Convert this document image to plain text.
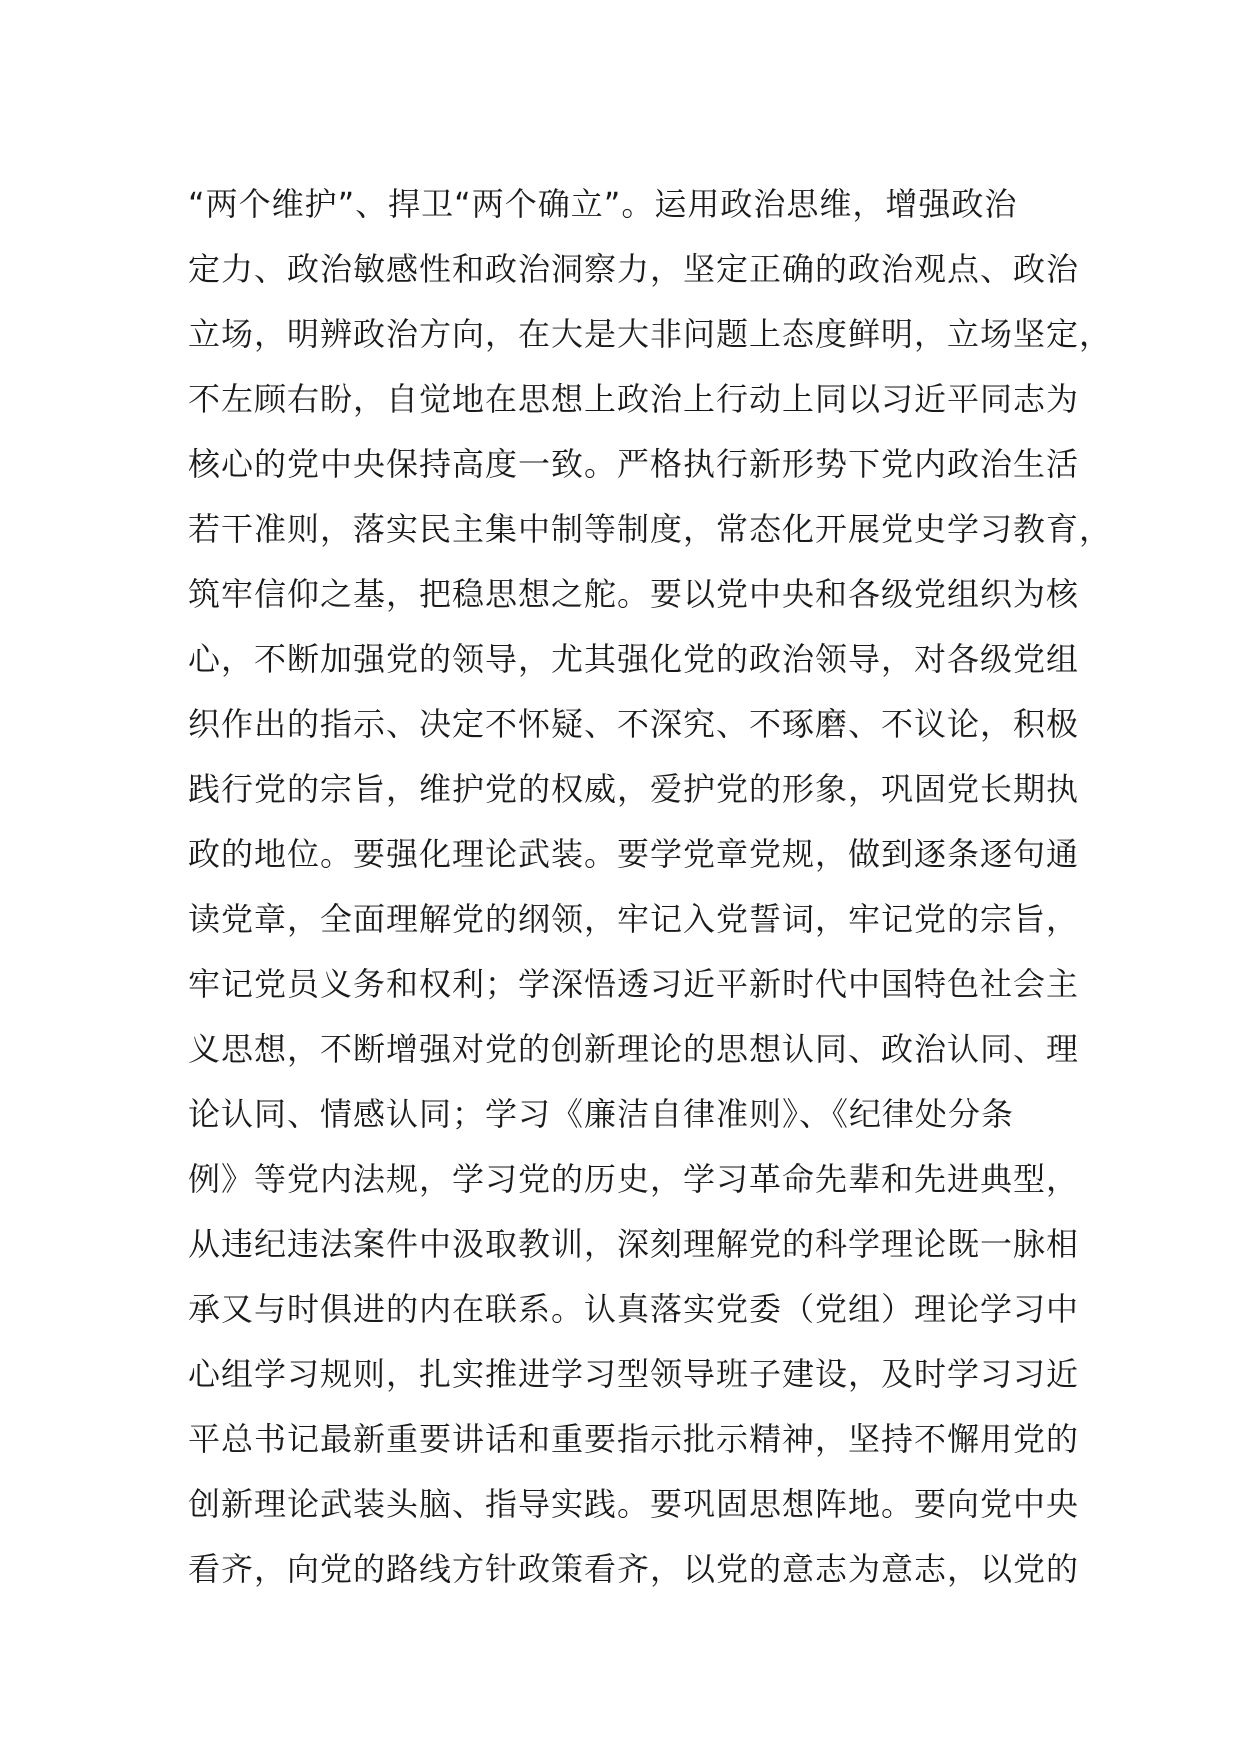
“两个维护”、捍卫“两个确立”。运用政治思维，增强政治
定力、政治敏感性和政治洞察力，坚定正确的政治观点、政治
立场，明辨政治方向，在大是大非问题上态度鲜明，立场坚定，
不左顾右盼，自觉地在思想上政治上行动上同以习近平同志为
核心的党中央保持高度一致。严格执行新形势下党内政治生活
若干准则，落实民主集中制等制度，常态化开展党史学习教育，
筑牢信仰之基，把稳思想之舵。要以党中央和各级党组织为核
心，不断加强党的领导，尤其强化党的政治领导，对各级党组
织作出的指示、决定不怀疑、不深究、不琢磨、不议论，积极
践行党的宗旨，维护党的权威，爱护党的形象，巩固党长期执
政的地位。要强化理论武装。要学党章党规，做到逐条逐句通
读党章，全面理解党的纲领，牢记入党誓词，牢记党的宗旨，
牢记党员义务和权利；学深悟透习近平新时代中国特色社会主
义思想，不断增强对党的创新理论的思想认同、政治认同、理
论认同、情感认同；学习《廉洁自律准则》、《纪律处分条
例》等党内法规，学习党的历史，学习革命先辈和先进典型，
从违纪违法案件中汲取教训，深刻理解党的科学理论既一脉相
承又与时俱进的内在联系。认真落实党委（党组）理论学习中
心组学习规则，扎实推进学习型领导班子建设，及时学习习近
平总书记最新重要讲话和重要指示批示精神，坚持不懈用党的
创新理论武装头脑、指导实践。要巩固思想阵地。要向党中央
看齐，向党的路线方针政策看齐，以党的意志为意志，以党的
